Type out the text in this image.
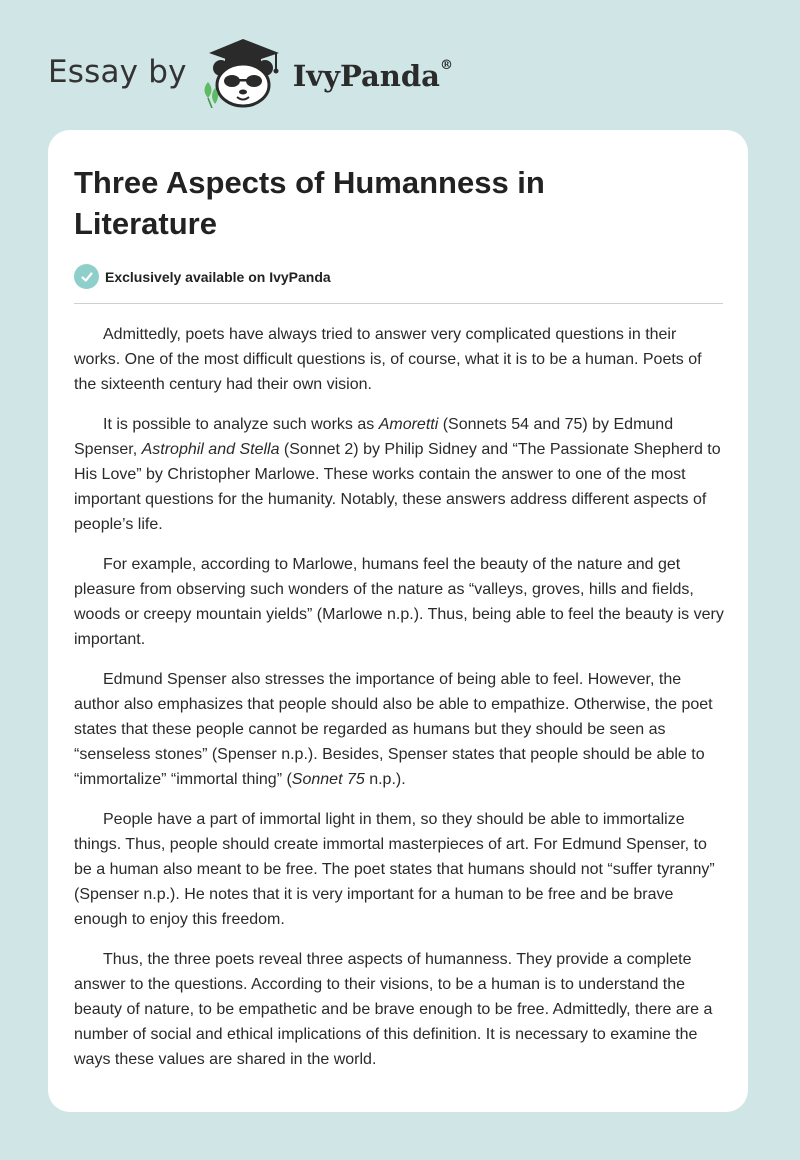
Essay by	IvyPanda®
Three Aspects of Humanness in Literature
Exclusively available on IvyPanda

Admittedly, poets have always tried to answer very complicated questions in their works. One of the most difficult questions is, of course, what it is to be a human. Poets of the sixteenth century had their own vision.

It is possible to analyze such works as Amoretti (Sonnets 54 and 75) by Edmund Spenser, Astrophil and Stella (Sonnet 2) by Philip Sidney and “The Passionate Shepherd to His Love” by Christopher Marlowe. These works contain the answer to one of the most important questions for the humanity. Notably, these answers address different aspects of people’s life.

For example, according to Marlowe, humans feel the beauty of the nature and get pleasure from observing such wonders of the nature as “valleys, groves, hills and fields, woods or creepy mountain yields” (Marlowe n.p.). Thus, being able to feel the beauty is very important.

Edmund Spenser also stresses the importance of being able to feel. However, the author also emphasizes that people should also be able to empathize. Otherwise, the poet states that these people cannot be regarded as humans but they should be seen as “senseless stones” (Spenser n.p.). Besides, Spenser states that people should be able to “immortalize” “immortal thing” (Sonnet 75 n.p.).

People have a part of immortal light in them, so they should be able to immortalize things. Thus, people should create immortal masterpieces of art. For Edmund Spenser, to be a human also meant to be free. The poet states that humans should not “suffer tyranny” (Spenser n.p.). He notes that it is very important for a human to be free and be brave enough to enjoy this freedom.

Thus, the three poets reveal three aspects of humanness. They provide a complete answer to the questions. According to their visions, to be a human is to understand the beauty of nature, to be empathetic and be brave enough to be free. Admittedly, there are a number of social and ethical implications of this definition. It is necessary to examine the ways these values are shared in the world.
